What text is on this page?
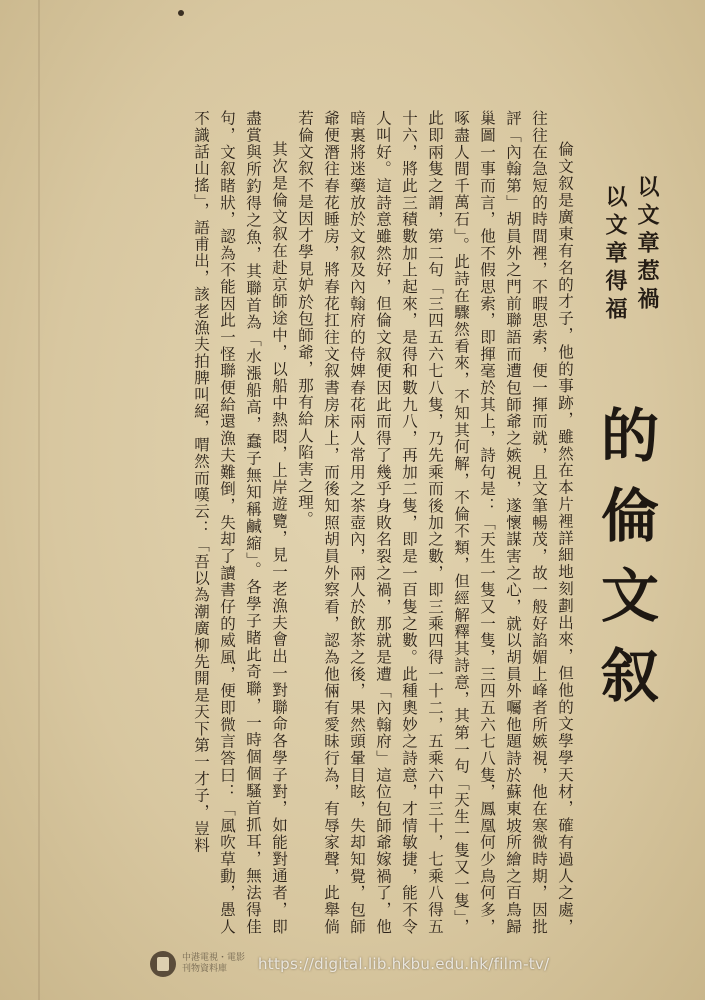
以文章惹禍
以文章得福
的倫文叙

倫文叙是廣東有名的才子，他的事跡，雖然在本片裡詳細地刻劃出來，但他的文學學天材，確有過人之處，往往在急短的時間裡，不暇思索，便一揮而就，且文筆暢茂，故一般好諂媚上峰者所嫉視，他在寒微時期，因批評「內翰第」胡員外之門前聯語而遭包師爺之嫉視，遂懷謀害之心，就以胡員外囑他題詩於蘇東坡所繪之百鳥歸巢圖一事而言，他不假思索，即揮毫於其上，詩句是：「天生一隻又一隻，三四五六七八隻，鳳凰何少鳥何多，啄盡人間千萬石」。此詩在驟然看來，不知其何解，不倫不類，但經解釋其詩意，其第一句「天生一隻又一隻」，此即兩隻之謂，第二句「三四五六七八隻，乃先乘而後加之數，即三乘四得一十二，五乘六中三十，七乘八得五十六，將此三積數加上起來，是得和數九八，再加二隻，即是一百隻之數。此種奧妙之詩意，才情敏捷，能不令人叫好。這詩意雖然好，但倫文叙便因此而得了幾乎身敗名裂之禍，那就是遭「內翰府」這位包師爺嫁禍了，他暗裏將迷藥放於文叙及內翰府的侍婢春花兩人常用之茶壺內，兩人於飲茶之後，果然頭暈目眩，失却知覺，包師爺便潛往春花睡房，將春花扛往文叙書房床上，而後知照胡員外察看，認為他倆有愛昧行為，有辱家聲，此舉倘若倫文叙不是因才學見妒於包師爺，那有給人陷害之理。

其次是倫文叙在赴京師途中，以船中熱悶，上岸遊覽，見一老漁夫會出一對聯命各學子對，如能對通者，即盡賞與所釣得之魚，其聯首為「水漲船高，蠢子無知稱鹹縮」。各學子睹此奇聯，一時個個騷首抓耳，無法得佳句，文叙睹狀，認為不能因此一怪聯便給還漁夫難倒，失却了讀書仔的威風，便即微言答曰：「風吹草動，愚人不識話山搖」，語甫出，該老漁夫拍脾叫絕，喟然而嘆云：「吾以為潮廣柳先開是天下第一才子，豈料

中港電視・電影
刊物資料庫	https://digital.lib.hkbu.edu.hk/film-tv/
